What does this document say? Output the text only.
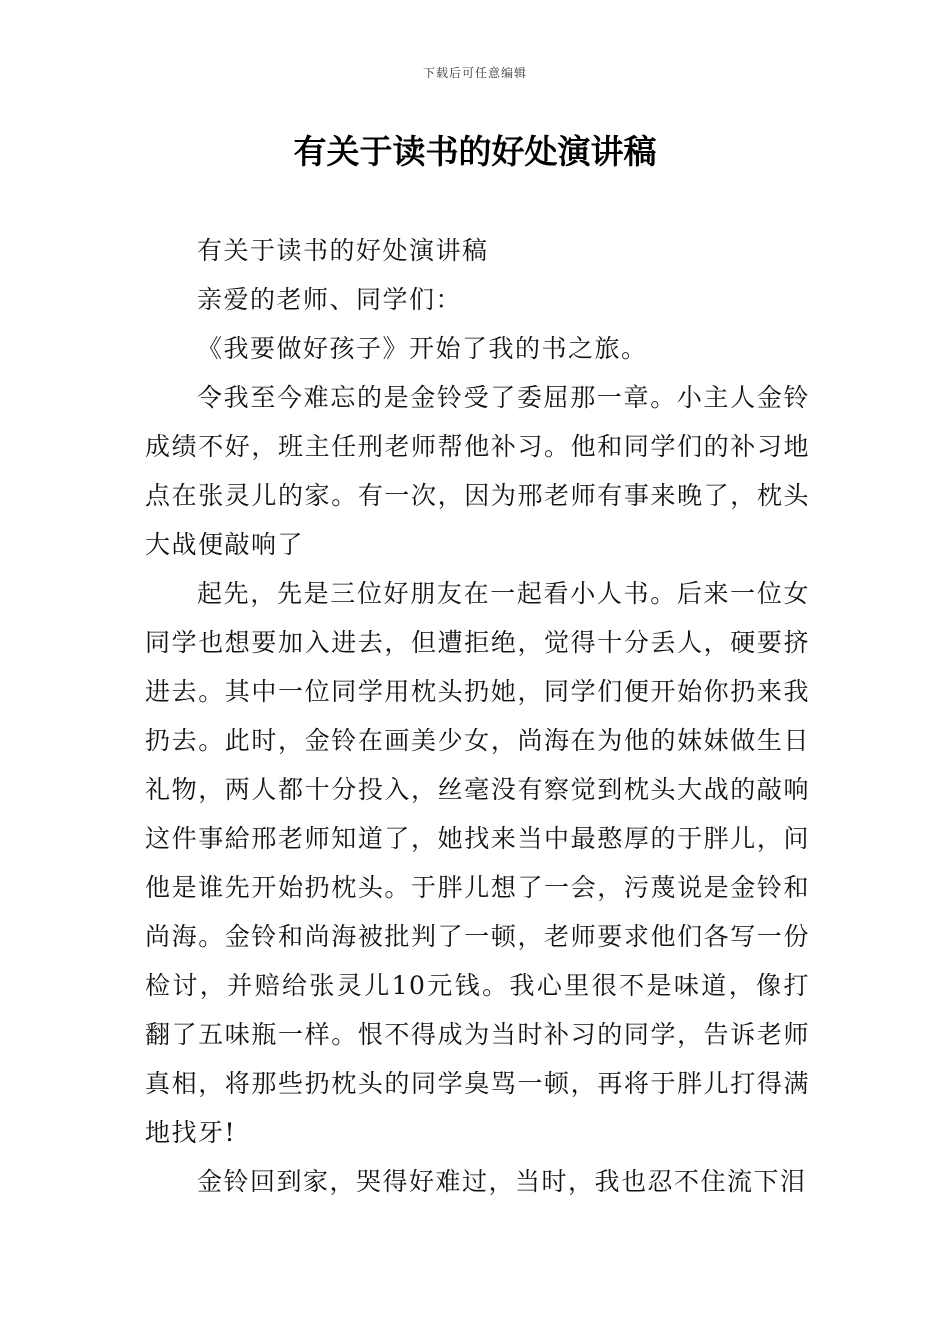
下载后可任意编辑
有关于读书的好处演讲稿

有关于读书的好处演讲稿

亲爱的老师、同学们：

《我要做好孩子》开始了我的书之旅。

令我至今难忘的是金铃受了委屈那一章。小主人金铃成绩不好，班主任刑老师帮他补习。他和同学们的补习地点在张灵儿的家。有一次，因为邢老师有事来晚了，枕头大战便敲响了

起先，先是三位好朋友在一起看小人书。后来一位女同学也想要加入进去，但遭拒绝，觉得十分丢人，硬要挤进去。其中一位同学用枕头扔她，同学们便开始你扔来我扔去。此时，金铃在画美少女，尚海在为他的妹妹做生日礼物，两人都十分投入，丝毫没有察觉到枕头大战的敲响这件事給邢老师知道了，她找来当中最憨厚的于胖儿，问他是谁先开始扔枕头。于胖儿想了一会，污蔑说是金铃和尚海。金铃和尚海被批判了一顿，老师要求他们各写一份检讨，并赔给张灵儿10元钱。我心里很不是味道，像打翻了五味瓶一样。恨不得成为当时补习的同学，告诉老师真相，将那些扔枕头的同学臭骂一顿，再将于胖儿打得满地找牙!

金铃回到家，哭得好难过，当时，我也忍不住流下泪
